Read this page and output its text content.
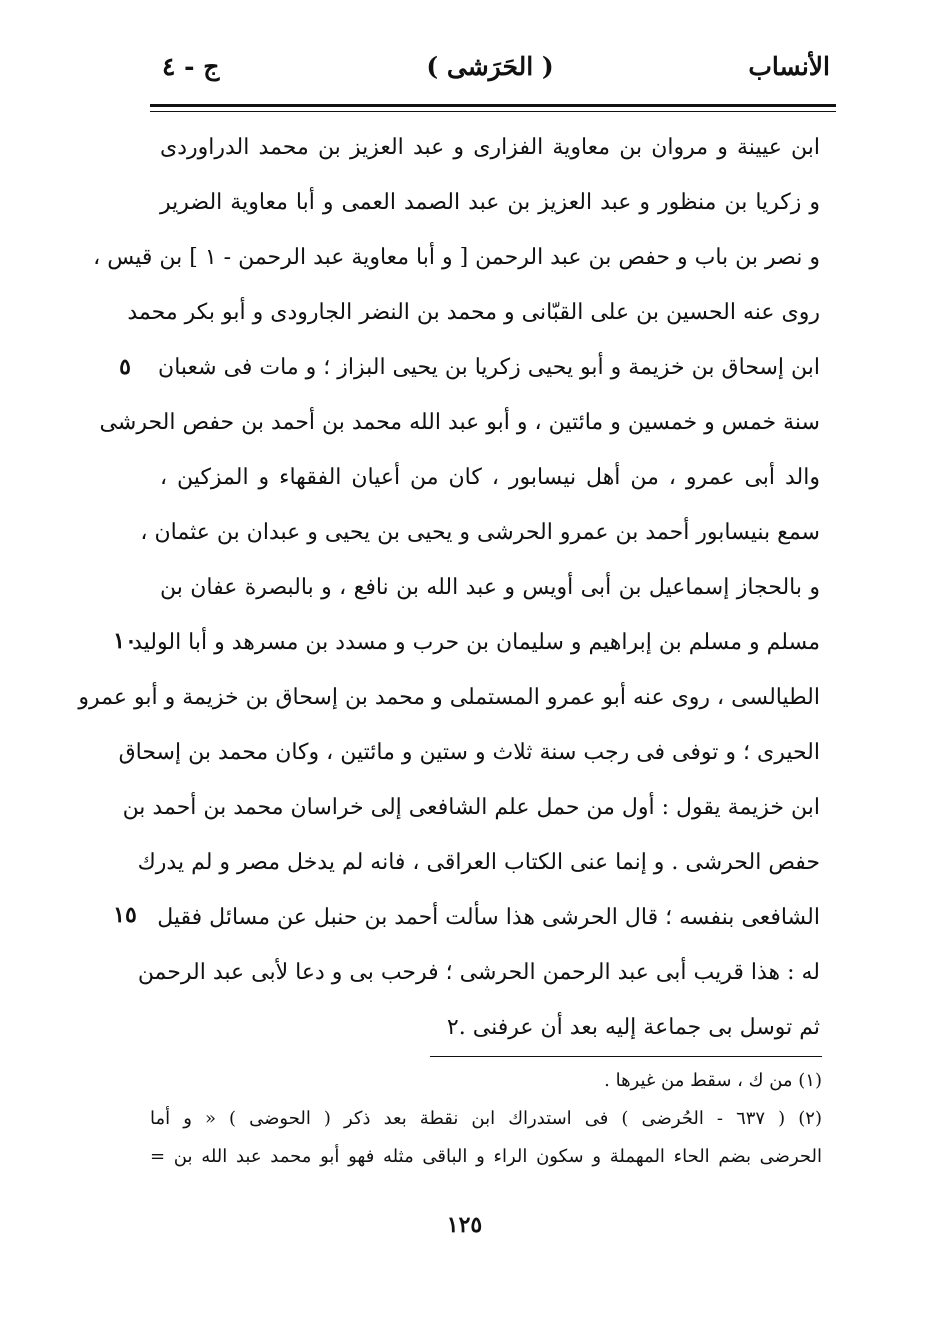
الأنساب
( الحَرَشى )
ج - ٤
ابن عيينة و مروان بن معاوية الفزارى و عبد العزيز بن محمد الدراوردى
و زكريا بن منظور و عبد العزيز بن عبد الصمد العمى و أبا معاوية الضرير
و نصر بن باب و حفص بن عبد الرحمن [ و أبا معاوية عبد الرحمن - ١ ] بن قيس ،
روى عنه الحسين بن على القبّانى و محمد بن النضر الجارودى و أبو بكر محمد
ابن إسحاق بن خزيمة و أبو يحيى زكريا بن يحيى البزاز ؛ و مات فى شعبان
سنة خمس و خمسين و مائتين ، و أبو عبد الله محمد بن أحمد بن حفص الحرشى
والد أبى عمرو ، من أهل نيسابور ، كان من أعيان الفقهاء و المزكين ،
سمع بنيسابور أحمد بن عمرو الحرشى و يحيى بن يحيى و عبدان بن عثمان ،
و بالحجاز إسماعيل بن أبى أويس و عبد الله بن نافع ، و بالبصرة عفان بن
مسلم و مسلم بن إبراهيم و سليمان بن حرب و مسدد بن مسرهد و أبا الوليد
الطيالسى ، روى عنه أبو عمرو المستملى و محمد بن إسحاق بن خزيمة و أبو عمرو
الحيرى ؛ و توفى فى رجب سنة ثلاث و ستين و مائتين ، وكان محمد بن إسحاق
ابن خزيمة يقول : أول من حمل علم الشافعى إلى خراسان محمد بن أحمد بن
حفص الحرشى . و إنما عنى الكتاب العراقى ، فانه لم يدخل مصر و لم يدرك
الشافعى بنفسه ؛ قال الحرشى هذا سألت أحمد بن حنبل عن مسائل فقيل
له : هذا قريب أبى عبد الرحمن الحرشى ؛ فرحب بى و دعا لأبى عبد الرحمن
ثم توسل بى جماعة إليه بعد أن عرفنى .٢
٥
١٠
١٥
(١) من ك ، سقط من غيرها .
(٢) ( ٦٣٧ - الحُرضى ) فى استدراك ابن نقطة بعد ذكر ( الحوضى ) « و أما
الحرضى بضم الحاء المهملة و سكون الراء و الباقى مثله فهو أبو محمد عبد الله بن =
١٢٥
